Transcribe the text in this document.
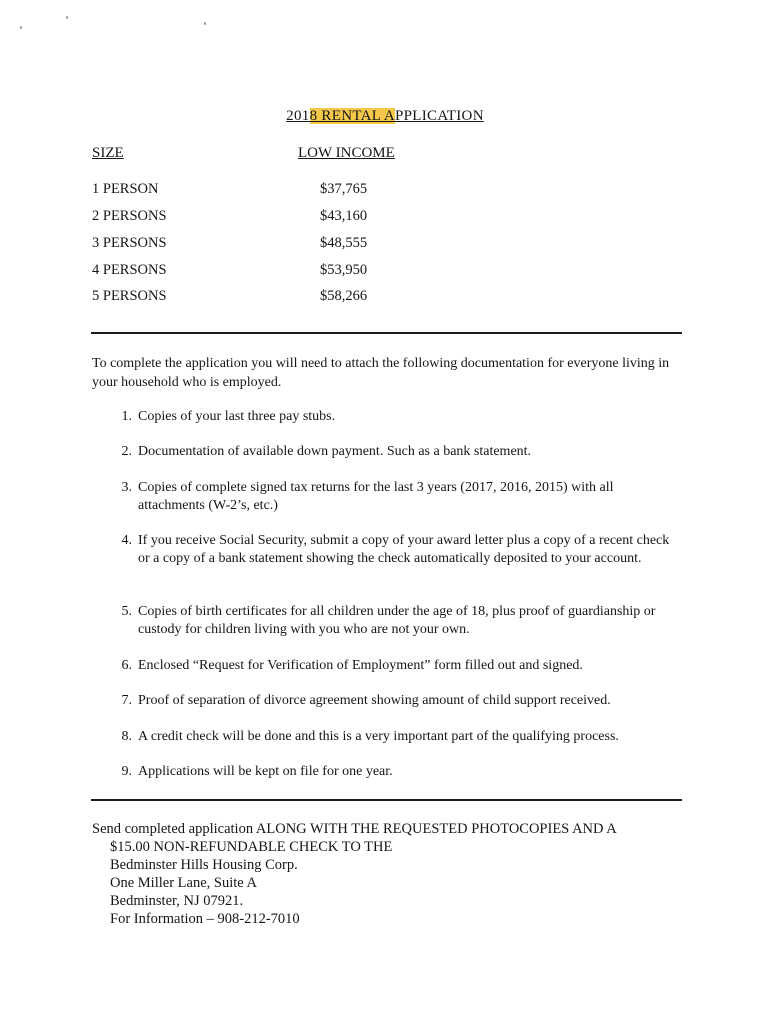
2018 RENTAL APPLICATION
SIZE	LOW INCOME
1 PERSON	$37,765
2 PERSONS	$43,160
3 PERSONS	$48,555
4 PERSONS	$53,950
5 PERSONS	$58,266
To complete the application you will need to attach the following documentation for everyone living in your household who is employed.
1. Copies of your last three pay stubs.
2. Documentation of available down payment. Such as a bank statement.
3. Copies of complete signed tax returns for the last 3 years (2017, 2016, 2015) with all attachments (W-2’s, etc.)
4. If you receive Social Security, submit a copy of your award letter plus a copy of a recent check or a copy of a bank statement showing the check automatically deposited to your account.
5. Copies of birth certificates for all children under the age of 18, plus proof of guardianship or custody for children living with you who are not your own.
6. Enclosed “Request for Verification of Employment” form filled out and signed.
7. Proof of separation of divorce agreement showing amount of child support received.
8. A credit check will be done and this is a very important part of the qualifying process.
9. Applications will be kept on file for one year.
Send completed application ALONG WITH THE REQUESTED PHOTOCOPIES AND A
$15.00 NON-REFUNDABLE CHECK TO THE
Bedminster Hills Housing Corp.
One Miller Lane, Suite A
Bedminster, NJ 07921.
For Information – 908-212-7010
